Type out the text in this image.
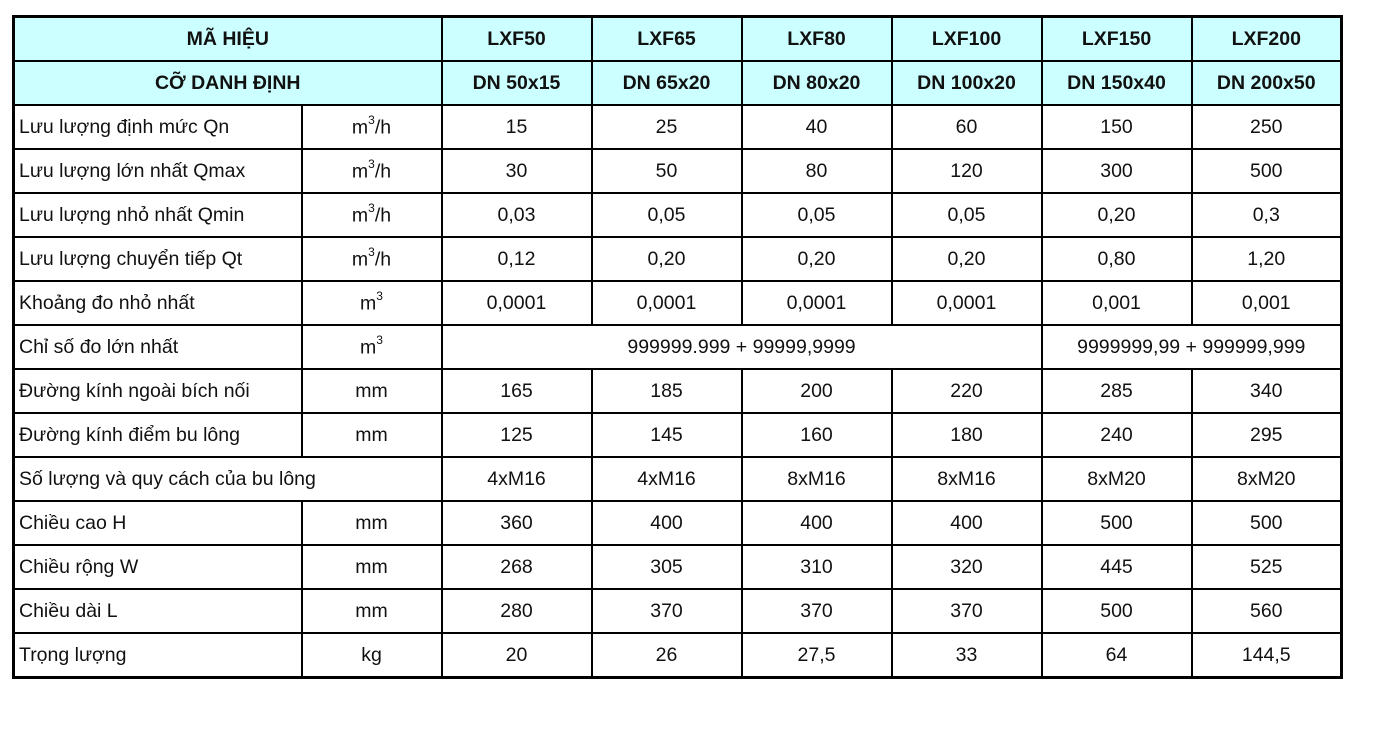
MÃ HIỆU		LXF50	LXF65	LXF80	LXF100	LXF150	LXF200
CỠ DANH ĐỊNH		DN 50x15	DN 65x20	DN 80x20	DN 100x20	DN 150x40	DN 200x50
Lưu lượng định mức Qn	$m^3/h$	15	25	40	60	150	250
Lưu lượng lớn nhất Qmax	$m^3/h$	30	50	80	120	300	500
Lưu lượng nhỏ nhất Qmin	$m^3/h$	0,03	0,05	0,05	0,05	0,20	0,3
Lưu lượng chuyển tiếp Qt	$m^3/h$	0,12	0,20	0,20	0,20	0,80	1,20
Khoảng đo nhỏ nhất	$m^3$	0,0001	0,0001	0,0001	0,0001	0,001	0,001
Chỉ số đo lớn nhất	$m^3$	999999.999 + 99999,9999				9999999,99 + 999999,999	
Đường kính ngoài bích nối	mm	165	185	200	220	285	340
Đường kính điểm bu lông	mm	125	145	160	180	240	295
Số lượng và quy cách của bu lông		4xM16	4xM16	8xM16	8xM16	8xM20	8xM20
Chiều cao H	mm	360	400	400	400	500	500
Chiều rộng W	mm	268	305	310	320	445	525
Chiều dài L	mm	280	370	370	370	500	560
Trọng lượng	kg	20	26	27,5	33	64	144,5
